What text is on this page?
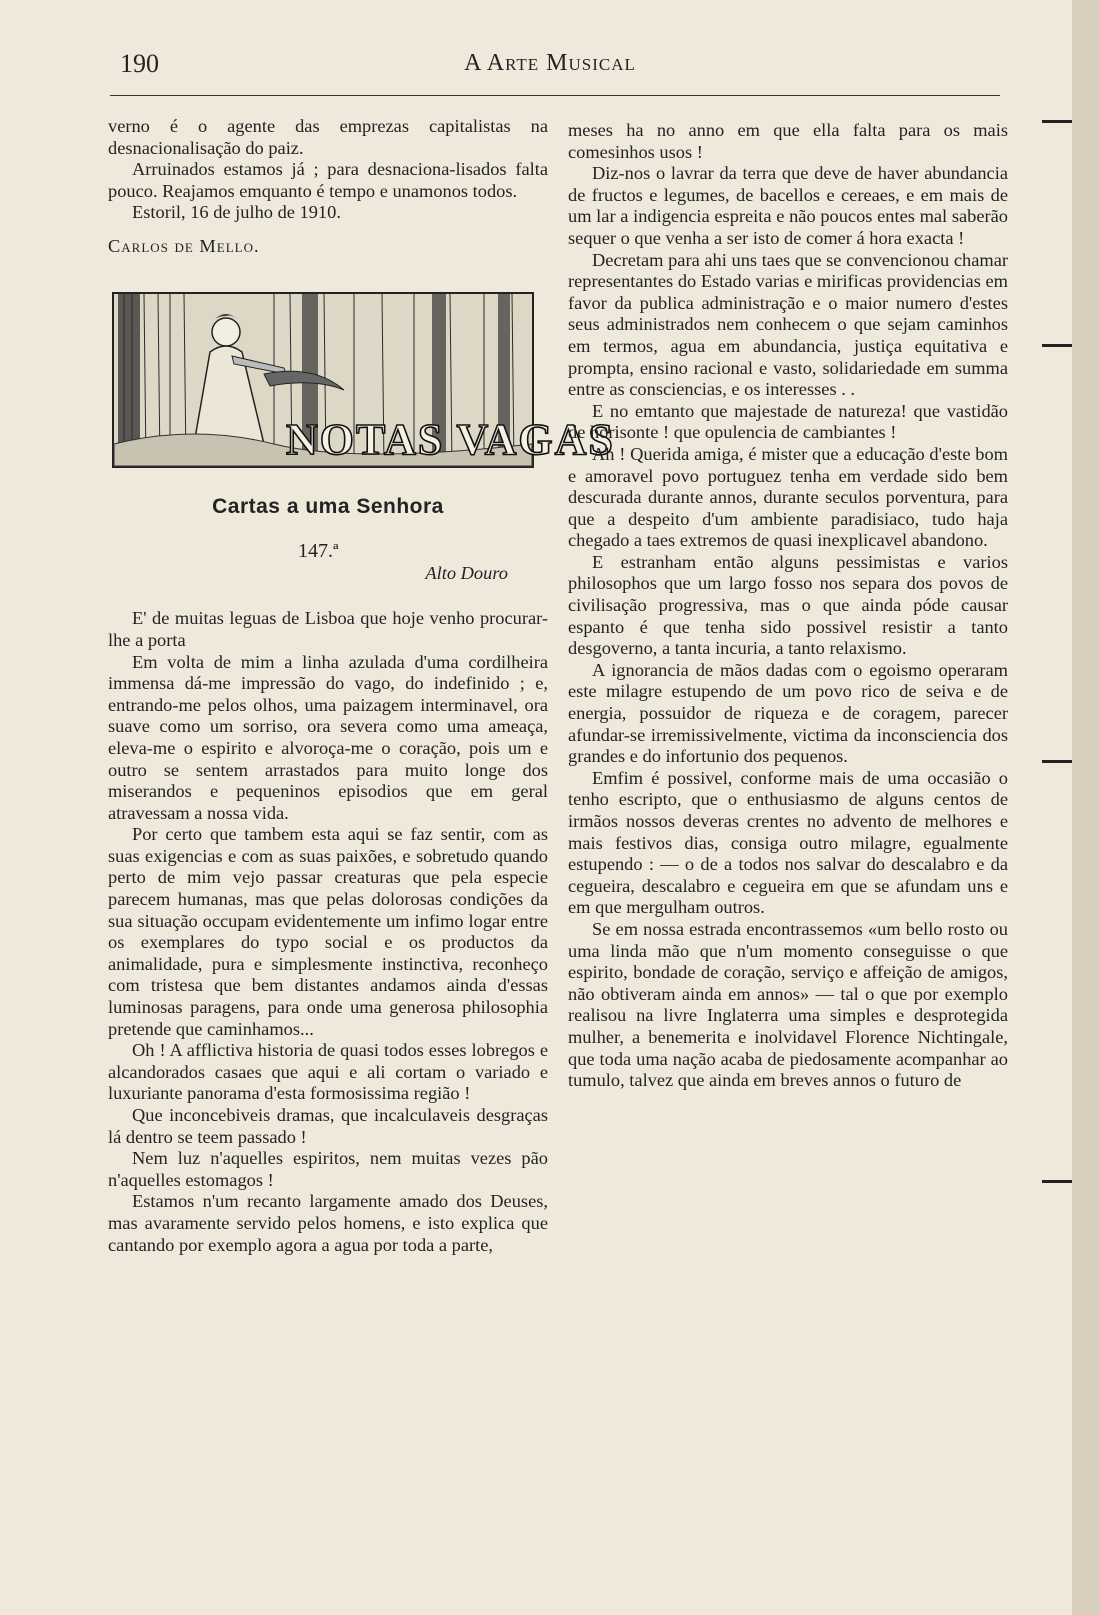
190	A Arte Musical

verno é o agente das emprezas capitalistas na desnacionalisação do paiz.

Arruinados estamos já ; para desnaciona-lisados falta pouco. Reajamos emquanto é tempo e unamonos todos.

Estoril, 16 de julho de 1910.

Carlos de Mello.

NOTAS VAGAS
Cartas a uma Senhora

147.ª

Alto Douro

E' de muitas leguas de Lisboa que hoje venho procurar-lhe a porta

Em volta de mim a linha azulada d'uma cordilheira immensa dá-me impressão do vago, do indefinido ; e, entrando-me pelos olhos, uma paizagem interminavel, ora suave como um sorriso, ora severa como uma ameaça, eleva-me o espirito e alvoroça-me o coração, pois um e outro se sentem arrastados para muito longe dos miserandos e pequeninos episodios que em geral atravessam a nossa vida.

Por certo que tambem esta aqui se faz sentir, com as suas exigencias e com as suas paixões, e sobretudo quando perto de mim vejo passar creaturas que pela especie parecem humanas, mas que pelas dolorosas condições da sua situação occupam evidentemente um infimo logar entre os exemplares do typo social e os productos da animalidade, pura e simplesmente instinctiva, reconheço com tristesa que bem distantes andamos ainda d'essas luminosas paragens, para onde uma generosa philosophia pretende que caminhamos...

Oh ! A afflictiva historia de quasi todos esses lobregos e alcandorados casaes que aqui e ali cortam o variado e luxuriante panorama d'esta formosissima região !

Que inconcebiveis dramas, que incalculaveis desgraças lá dentro se teem passado !

Nem luz n'aquelles espiritos, nem muitas vezes pão n'aquelles estomagos !

Estamos n'um recanto largamente amado dos Deuses, mas avaramente servido pelos homens, e isto explica que cantando por exemplo agora a agua por toda a parte,

meses ha no anno em que ella falta para os mais comesinhos usos !

Diz-nos o lavrar da terra que deve de haver abundancia de fructos e legumes, de bacellos e cereaes, e em mais de um lar a indigencia espreita e não poucos entes mal saberão sequer o que venha a ser isto de comer á hora exacta !

Decretam para ahi uns taes que se convencionou chamar representantes do Estado varias e mirificas providencias em favor da publica administração e o maior numero d'estes seus administrados nem conhecem o que sejam caminhos em termos, agua em abundancia, justiça equitativa e prompta, ensino racional e vasto, solidariedade em summa entre as consciencias, e os interesses . .

E no emtanto que majestade de natureza! que vastidão de horisonte ! que opulencia de cambiantes !

Ah ! Querida amiga, é mister que a educação d'este bom e amoravel povo portuguez tenha em verdade sido bem descurada durante annos, durante seculos porventura, para que a despeito d'um ambiente paradisiaco, tudo haja chegado a taes extremos de quasi inexplicavel abandono.

E estranham então alguns pessimistas e varios philosophos que um largo fosso nos separa dos povos de civilisação progressiva, mas o que ainda póde causar espanto é que tenha sido possivel resistir a tanto desgoverno, a tanta incuria, a tanto relaxismo.

A ignorancia de mãos dadas com o egoismo operaram este milagre estupendo de um povo rico de seiva e de energia, possuidor de riqueza e de coragem, parecer afundar-se irremissivelmente, victima da inconsciencia dos grandes e do infortunio dos pequenos.

Emfim é possivel, conforme mais de uma occasião o tenho escripto, que o enthusiasmo de alguns centos de irmãos nossos deveras crentes no advento de melhores e mais festivos dias, consiga outro milagre, egualmente estupendo : — o de a todos nos salvar do descalabro e da cegueira, descalabro e cegueira em que se afundam uns e em que mergulham outros.

Se em nossa estrada encontrassemos «um bello rosto ou uma linda mão que n'um momento conseguisse o que espirito, bondade de coração, serviço e affeição de amigos, não obtiveram ainda em annos» — tal o que por exemplo realisou na livre Inglaterra uma simples e desprotegida mulher, a benemerita e inolvidavel Florence Nichtingale, que toda uma nação acaba de piedosamente acompanhar ao tumulo, talvez que ainda em breves annos o futuro de
